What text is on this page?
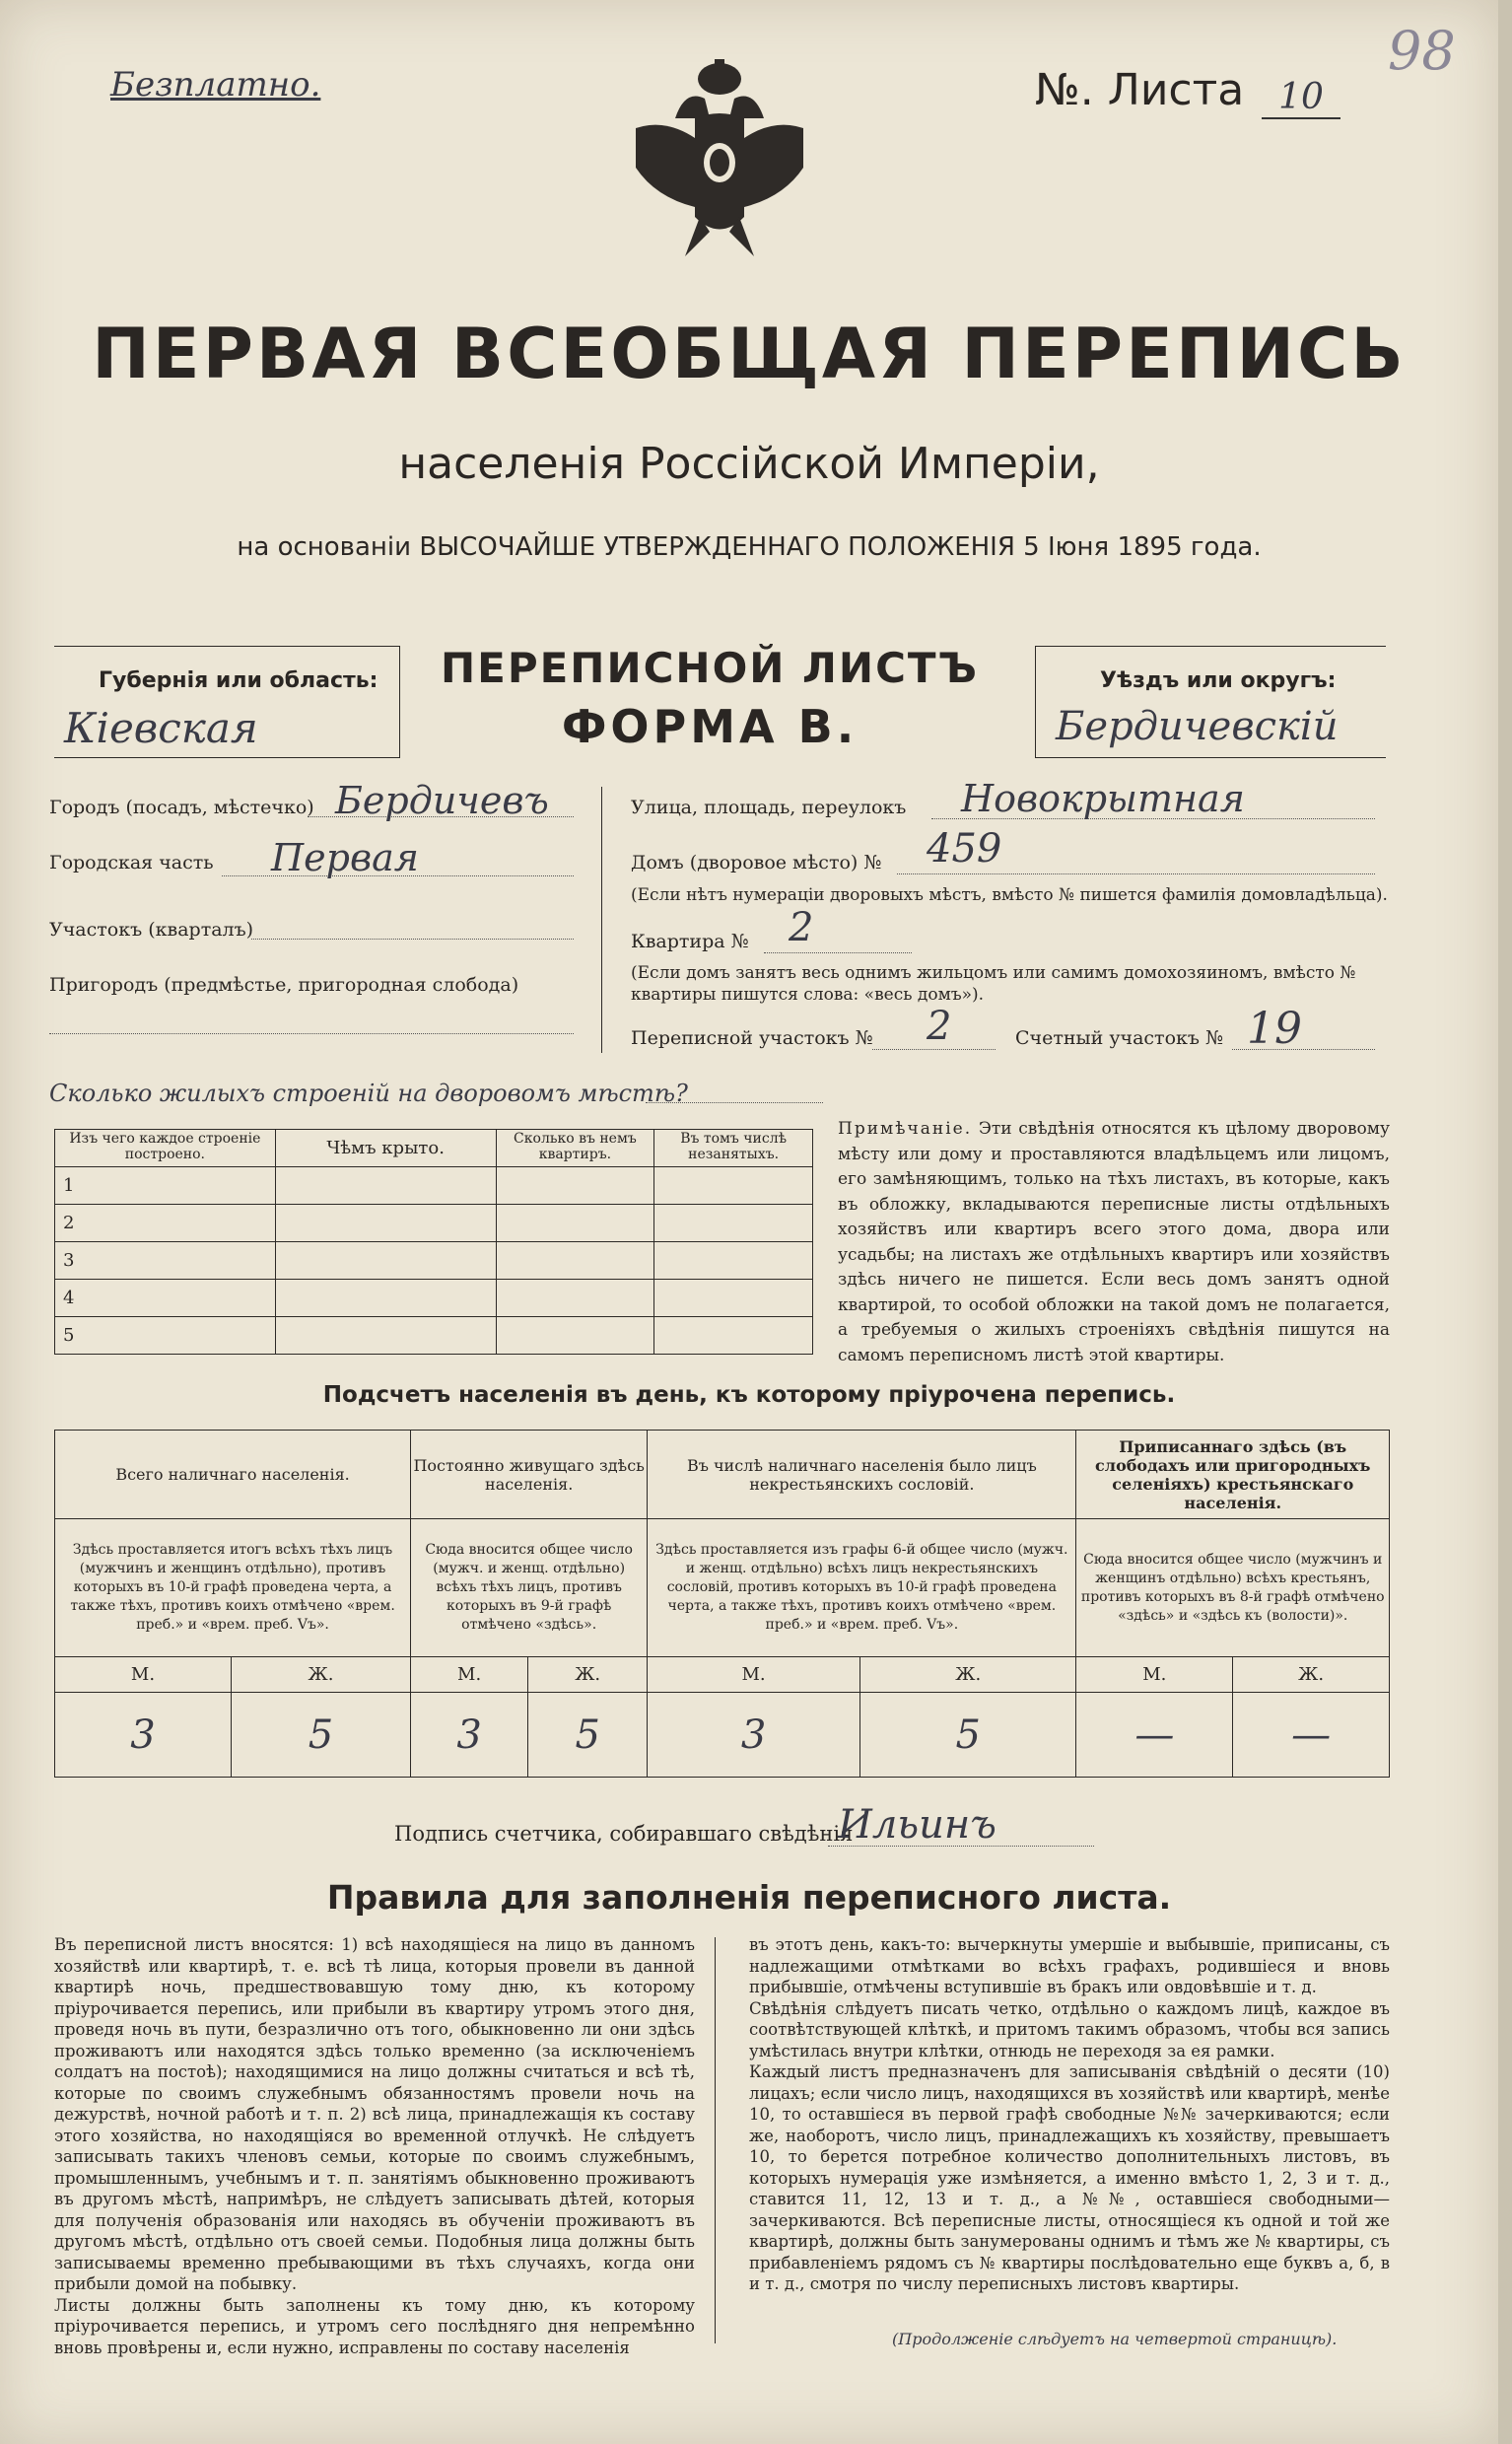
Безплатно.	№. Листа 10
98
ПЕРВАЯ ВСЕОБЩАЯ ПЕРЕПИСЬ
населенія Россійской Имперіи,
на основаніи ВЫСОЧАЙШЕ УТВЕРЖДЕННАГО ПОЛОЖЕНІЯ 5 Іюня 1895 года.
Губернія или область:
Кіевская
ПЕРЕПИСНОЙ ЛИСТЪ
ФОРМА В.
Уѣздъ или округъ:
Бердичевскій
Городъ (посадъ, мѣстечко) Бердичевъ
Городская часть Первая
Участокъ (кварталъ)
Пригородъ (предмѣстье, пригородная слобода)
Улица, площадь, переулокъ Новокрытная
Домъ (дворовое мѣсто) № 459
(Если нѣтъ нумераціи дворовыхъ мѣстъ, вмѣсто № пишется фамилія домовладѣльца).
Квартира № 2
(Если домъ занятъ весь однимъ жильцомъ или самимъ домохозяиномъ, вмѣсто № квартиры пишутся слова: «весь домъ»).
Переписной участокъ № 2	Счетный участокъ № 19
Сколько жилыхъ строеній на дворовомъ мѣстѣ?
Изъ чего каждое строеніе построено.	Чѣмъ крыто.	Сколько въ немъ квартиръ.	Въ томъ числѣ незанятыхъ.
1			
2			
3			
4			
5			
Примѣчаніе. Эти свѣдѣнія относятся къ цѣлому дворовому мѣсту или дому и проставляются владѣльцемъ или лицомъ, его замѣняющимъ, только на тѣхъ листахъ, въ которые, какъ въ обложку, вкладываются переписные листы отдѣльныхъ хозяйствъ или квартиръ всего этого дома, двора или усадьбы; на листахъ же отдѣльныхъ квартиръ или хозяйствъ здѣсь ничего не пишется. Если весь домъ занятъ одной квартирой, то особой обложки на такой домъ не полагается, а требуемыя о жилыхъ строеніяхъ свѣдѣнія пишутся на самомъ переписномъ листѣ этой квартиры.
Подсчетъ населенія въ день, къ которому пріурочена перепись.
Всего наличнаго населенія.		Постоянно живущаго здѣсь населенія.		Въ числѣ наличнаго населенія было лицъ некрестьянскихъ сословій.		Приписаннаго здѣсь (въ слободахъ или пригородныхъ селеніяхъ) крестьянскаго населенія.	
Здѣсь проставляется итогъ всѣхъ тѣхъ лицъ (мужчинъ и женщинъ отдѣльно), противъ которыхъ въ 10-й графѣ проведена черта, а также тѣхъ, противъ коихъ отмѣчено «врем. преб.» и «врем. преб. Vъ».		Сюда вносится общее число (мужч. и женщ. отдѣльно) всѣхъ тѣхъ лицъ, противъ которыхъ въ 9-й графѣ отмѣчено «здѣсь».		Здѣсь проставляется изъ графы 6-й общее число (мужч. и женщ. отдѣльно) всѣхъ лицъ некрестьянскихъ сословій, противъ которыхъ въ 10-й графѣ проведена черта, а также тѣхъ, противъ коихъ отмѣчено «врем. преб.» и «врем. преб. Vъ».		Сюда вносится общее число (мужчинъ и женщинъ отдѣльно) всѣхъ крестьянъ, противъ которыхъ въ 8-й графѣ отмѣчено «здѣсь» и «здѣсь къ (волости)».	
М.	Ж.	М.	Ж.	М.	Ж.	М.	Ж.
3	5	3	5	3	5	—	—
Подпись счетчика, собиравшаго свѣдѣнія
Ильинъ
Правила для заполненія переписного листа.
Въ переписной листъ вносятся: 1) всѣ находящіеся на лицо въ данномъ хозяйствѣ или квартирѣ, т. е. всѣ тѣ лица, которыя провели въ данной квартирѣ ночь, предшествовавшую тому дню, къ которому пріурочивается перепись, или прибыли въ квартиру утромъ этого дня, проведя ночь въ пути, безразлично отъ того, обыкновенно ли они здѣсь проживаютъ или находятся здѣсь только временно (за исключеніемъ солдатъ на постоѣ); находящимися на лицо должны считаться и всѣ тѣ, которые по своимъ служебнымъ обязанностямъ провели ночь на дежурствѣ, ночной работѣ и т. п. 2) всѣ лица, принадлежащія къ составу этого хозяйства, но находящіяся во временной отлучкѣ. Не слѣдуетъ записывать такихъ членовъ семьи, которые по своимъ служебнымъ, промышленнымъ, учебнымъ и т. п. занятіямъ обыкновенно проживаютъ въ другомъ мѣстѣ, напримѣръ, не слѣдуетъ записывать дѣтей, которыя для полученія образованія или находясь въ обученіи проживаютъ въ другомъ мѣстѣ, отдѣльно отъ своей семьи. Подобныя лица должны быть записываемы временно пребывающими въ тѣхъ случаяхъ, когда они прибыли домой на побывку.
Листы должны быть заполнены къ тому дню, къ которому пріурочивается перепись, и утромъ сего послѣдняго дня непремѣнно вновь провѣрены и, если нужно, исправлены по составу населенія
въ этотъ день, какъ-то: вычеркнуты умершіе и выбывшіе, приписаны, съ надлежащими отмѣтками во всѣхъ графахъ, родившіеся и вновь прибывшіе, отмѣчены вступившіе въ бракъ или овдовѣвшіе и т. д.
Свѣдѣнія слѣдуетъ писать четко, отдѣльно о каждомъ лицѣ, каждое въ соотвѣтствующей клѣткѣ, и притомъ такимъ образомъ, чтобы вся запись умѣстилась внутри клѣтки, отнюдь не переходя за ея рамки.
Каждый листъ предназначенъ для записыванія свѣдѣній о десяти (10) лицахъ; если число лицъ, находящихся въ хозяйствѣ или квартирѣ, менѣе 10, то оставшіеся въ первой графѣ свободные №№ зачеркиваются; если же, наоборотъ, число лицъ, принадлежащихъ къ хозяйству, превышаетъ 10, то берется потребное количество дополнительныхъ листовъ, въ которыхъ нумерація уже измѣняется, а именно вмѣсто 1, 2, 3 и т. д., ставится 11, 12, 13 и т. д., а №№, оставшіеся свободными—зачеркиваются. Всѣ переписные листы, относящіеся къ одной и той же квартирѣ, должны быть занумерованы однимъ и тѣмъ же № квартиры, съ прибавленіемъ рядомъ съ № квартиры послѣдовательно еще буквъ а, б, в и т. д., смотря по числу переписныхъ листовъ квартиры.
(Продолженіе слѣдуетъ на четвертой страницѣ).
